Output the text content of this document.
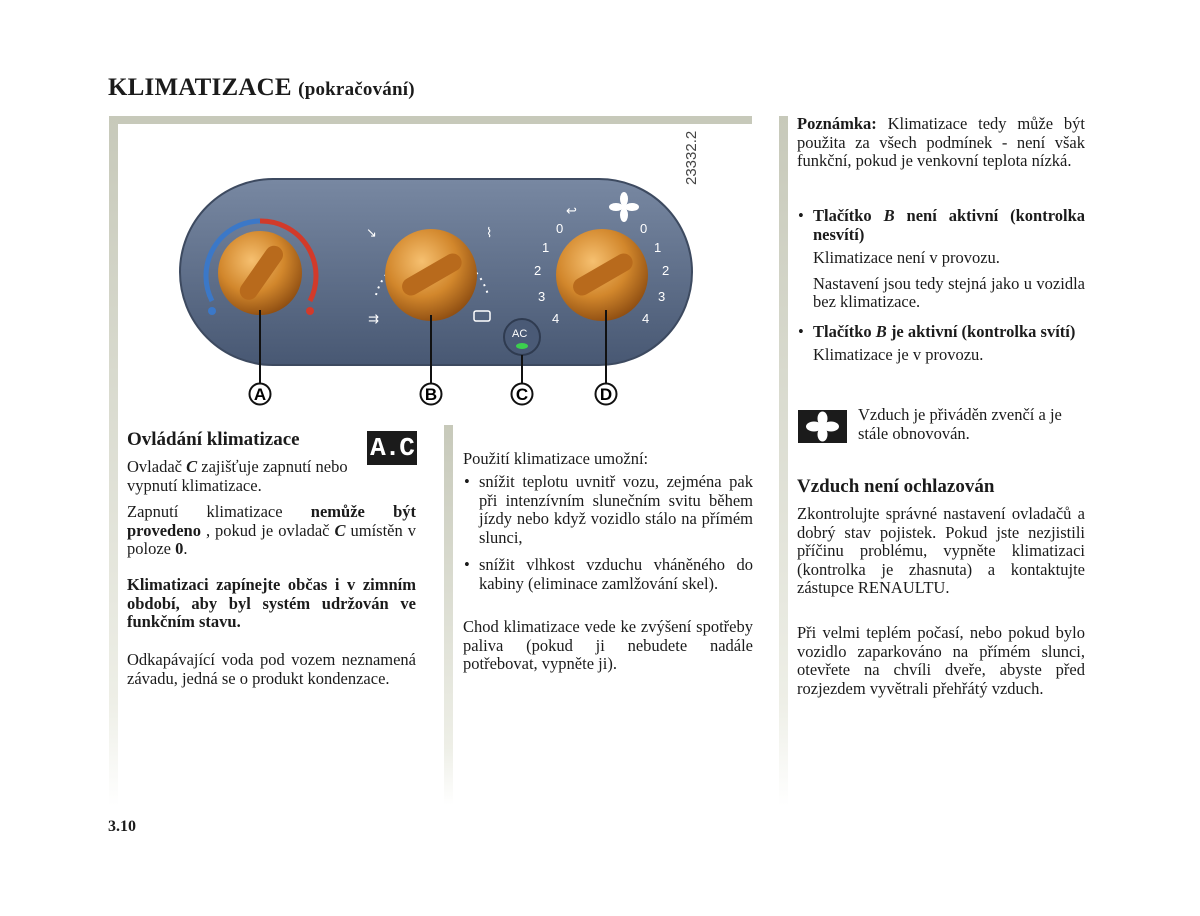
KLIMATIZACE (pokračování)
23332.2
↘	⌇
⇉
AC
↩
0
1
2
3
4
0
1
2
3
4
A	B	C	D
Ovládání klimatizace	A.C
Ovladač C zajišťuje zapnutí nebo vypnutí klimatizace.
Zapnutí klimatizace nemůže být provedeno , pokud je ovladač C umístěn v poloze 0.
Klimatizaci zapínejte občas i v zimním období, aby byl systém udržován ve funkčním stavu.
Odkapávající voda pod vozem neznamená závadu, jedná se o produkt kondenzace.
Použití klimatizace umožní:
• snížit teplotu uvnitř vozu, zejména pak při intenzívním slunečním svitu během jízdy nebo když vozidlo stálo na přímém slunci,
• snížit vlhkost vzduchu vháněného do kabiny (eliminace zamlžování skel).
Chod klimatizace vede ke zvýšení spotřeby paliva (pokud ji nebudete nadále potřebovat, vypněte ji).
Poznámka: Klimatizace tedy může být použita za všech podmínek - není však funkční, pokud je venkovní teplota nízká.

• Tlačítko B není aktivní (kontrolka nesvítí)

Klimatizace není v provozu.

Nastavení jsou tedy stejná jako u vozidla bez klimatizace.

• Tlačítko B je aktivní (kontrolka svítí)

Klimatizace je v provozu.

Vzduch je přiváděn zvenčí a je stále obnovován.
Vzduch není ochlazován
Zkontrolujte správné nastavení ovladačů a dobrý stav pojistek. Pokud jste nezjistili příčinu problému, vypněte klimatizaci (kontrolka je zhasnuta) a kontaktujte zástupce RENAULTU.
Při velmi teplém počasí, nebo pokud bylo vozidlo zaparkováno na přímém slunci, otevřete na chvíli dveře, abyste před rozjezdem vyvětrali přehřátý vzduch.
3.10
